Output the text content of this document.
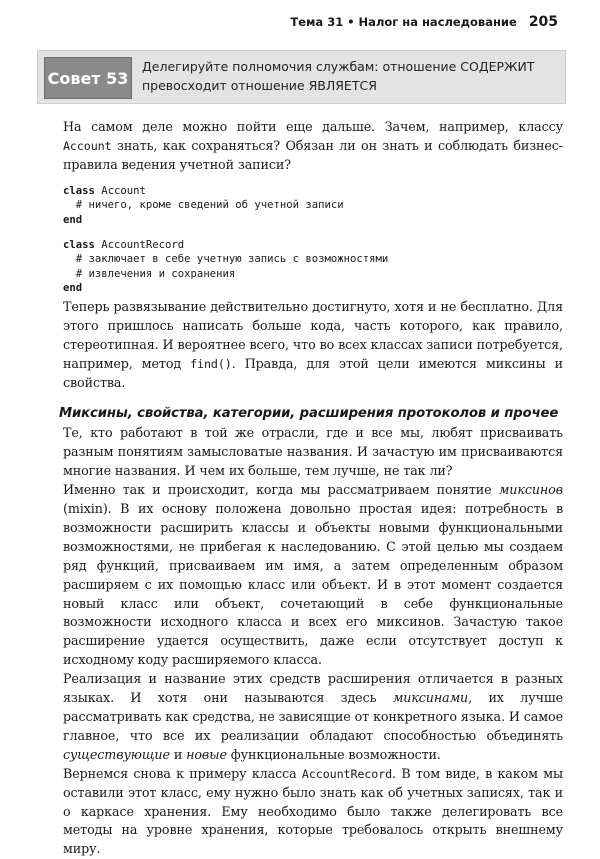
Тема 31 • Налог на наследование 205
Совет 53
Делегируйте полномочия службам: отношение СОДЕРЖИТ
превосходит отношение ЯВЛЯЕТСЯ

На самом деле можно пойти еще дальше. Зачем, например, классу Account знать, как сохраняться? Обязан ли он знать и соблюдать бизнес-правила ведения учетной записи?

class Account
# ничего, кроме сведений об учетной записи
end
class AccountRecord
# заключает в себе учетную запись с возможностями
# извлечения и сохранения
end

Теперь развязывание действительно достигнуто, хотя и не бесплатно. Для этого пришлось написать больше кода, часть которого, как правило, стереотипная. И вероятнее всего, что во всех классах записи потребуется, например, метод find(). Правда, для этой цели имеются миксины и свойства.

Миксины, свойства, категории, расширения протоколов и прочее

Те, кто работают в той же отрасли, где и все мы, любят присваивать разным понятиям замысловатые названия. И зачастую им присваиваются многие названия. И чем их больше, тем лучше, не так ли?

Именно так и происходит, когда мы рассматриваем понятие миксинов (mixin). В их основу положена довольно простая идея: потребность в возможности расширить классы и объекты новыми функциональными возможностями, не прибегая к наследованию. С этой целью мы создаем ряд функций, присваиваем им имя, а затем определенным образом расширяем с их помощью класс или объект. И в этот момент создается новый класс или объект, сочетающий в себе функциональные возможности исходного класса и всех его миксинов. Зачастую такое расширение удается осуществить, даже если отсутствует доступ к исходному коду расширяемого класса.

Реализация и название этих средств расширения отличается в разных языках. И хотя они называются здесь миксинами, их лучше рассматривать как средства, не зависящие от конкретного языка. И самое главное, что все их реализации обладают способностью объединять существующие и новые функциональные возможности.

Вернемся снова к примеру класса AccountRecord. В том виде, в каком мы оставили этот класс, ему нужно было знать как об учетных записях, так и о каркасе хранения. Ему необходимо было также делегировать все методы на уровне хранения, которые требовалось открыть внешнему миру.
